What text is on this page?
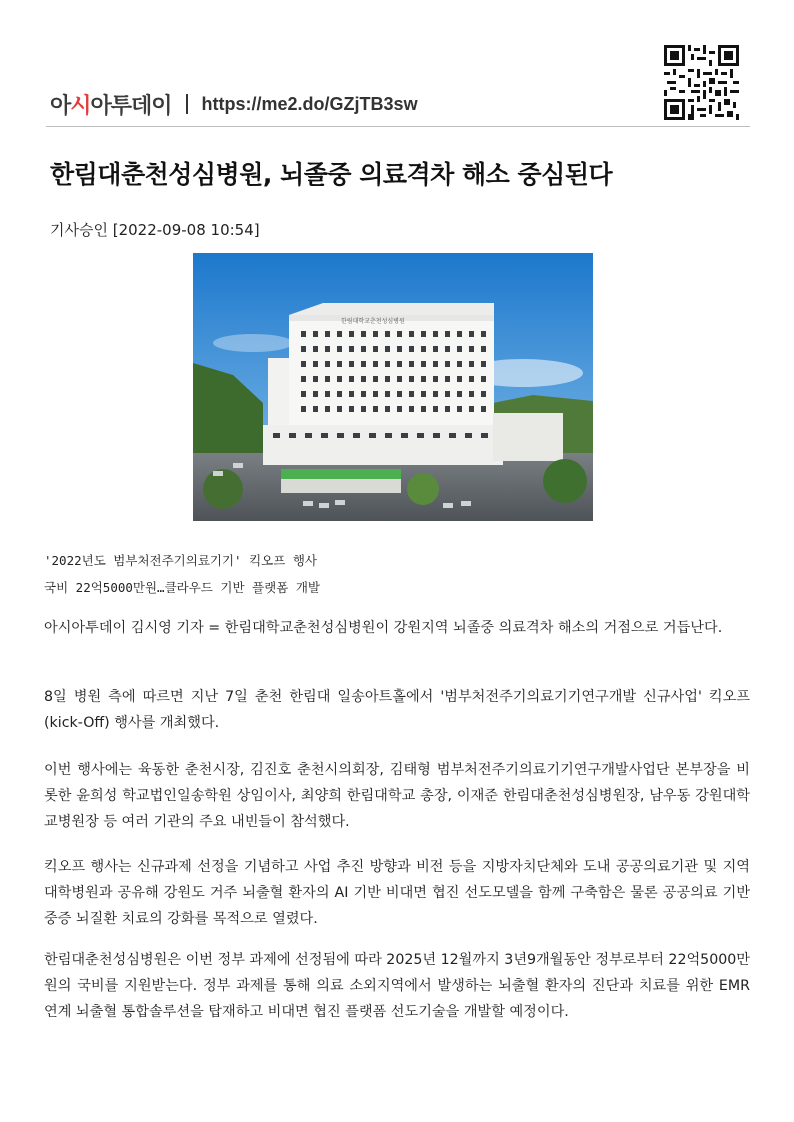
아시아투데이 https://me2.do/GZjTB3sw
한림대춘천성심병원, 뇌졸중 의료격차 해소 중심된다
기사승인 [2022-09-08 10:54]
한림대학교춘천성심병원
'2022년도 범부처전주기의료기기' 킥오프 행사
국비 22억5000만원…클라우드 기반 플랫폼 개발

아시아투데이 김시영 기자 = 한림대학교춘천성심병원이 강원지역 뇌졸중 의료격차 해소의 거점으로 거듭난다.

8일 병원 측에 따르면 지난 7일 춘천 한림대 일송아트홀에서 '범부처전주기의료기기연구개발 신규사업' 킥오프(kick-Off) 행사를 개최했다.

이번 행사에는 육동한 춘천시장, 김진호 춘천시의회장, 김태형 범부처전주기의료기기연구개발사업단 본부장을 비롯한 윤희성 학교법인일송학원 상임이사, 최양희 한림대학교 총장, 이재준 한림대춘천성심병원장, 남우동 강원대학교병원장 등 여러 기관의 주요 내빈들이 참석했다.

킥오프 행사는 신규과제 선정을 기념하고 사업 추진 방향과 비전 등을 지방자치단체와 도내 공공의료기관 및 지역 대학병원과 공유해 강원도 거주 뇌출혈 환자의 AI 기반 비대면 협진 선도모델을 함께 구축함은 물론 공공의료 기반 중증 뇌질환 치료의 강화를 목적으로 열렸다.

한림대춘천성심병원은 이번 정부 과제에 선정됨에 따라 2025년 12월까지 3년9개월동안 정부로부터 22억5000만원의 국비를 지원받는다. 정부 과제를 통해 의료 소외지역에서 발생하는 뇌출혈 환자의 진단과 치료를 위한 EMR 연계 뇌출혈 통합솔루션을 탑재하고 비대면 협진 플랫폼 선도기술을 개발할 예정이다.
